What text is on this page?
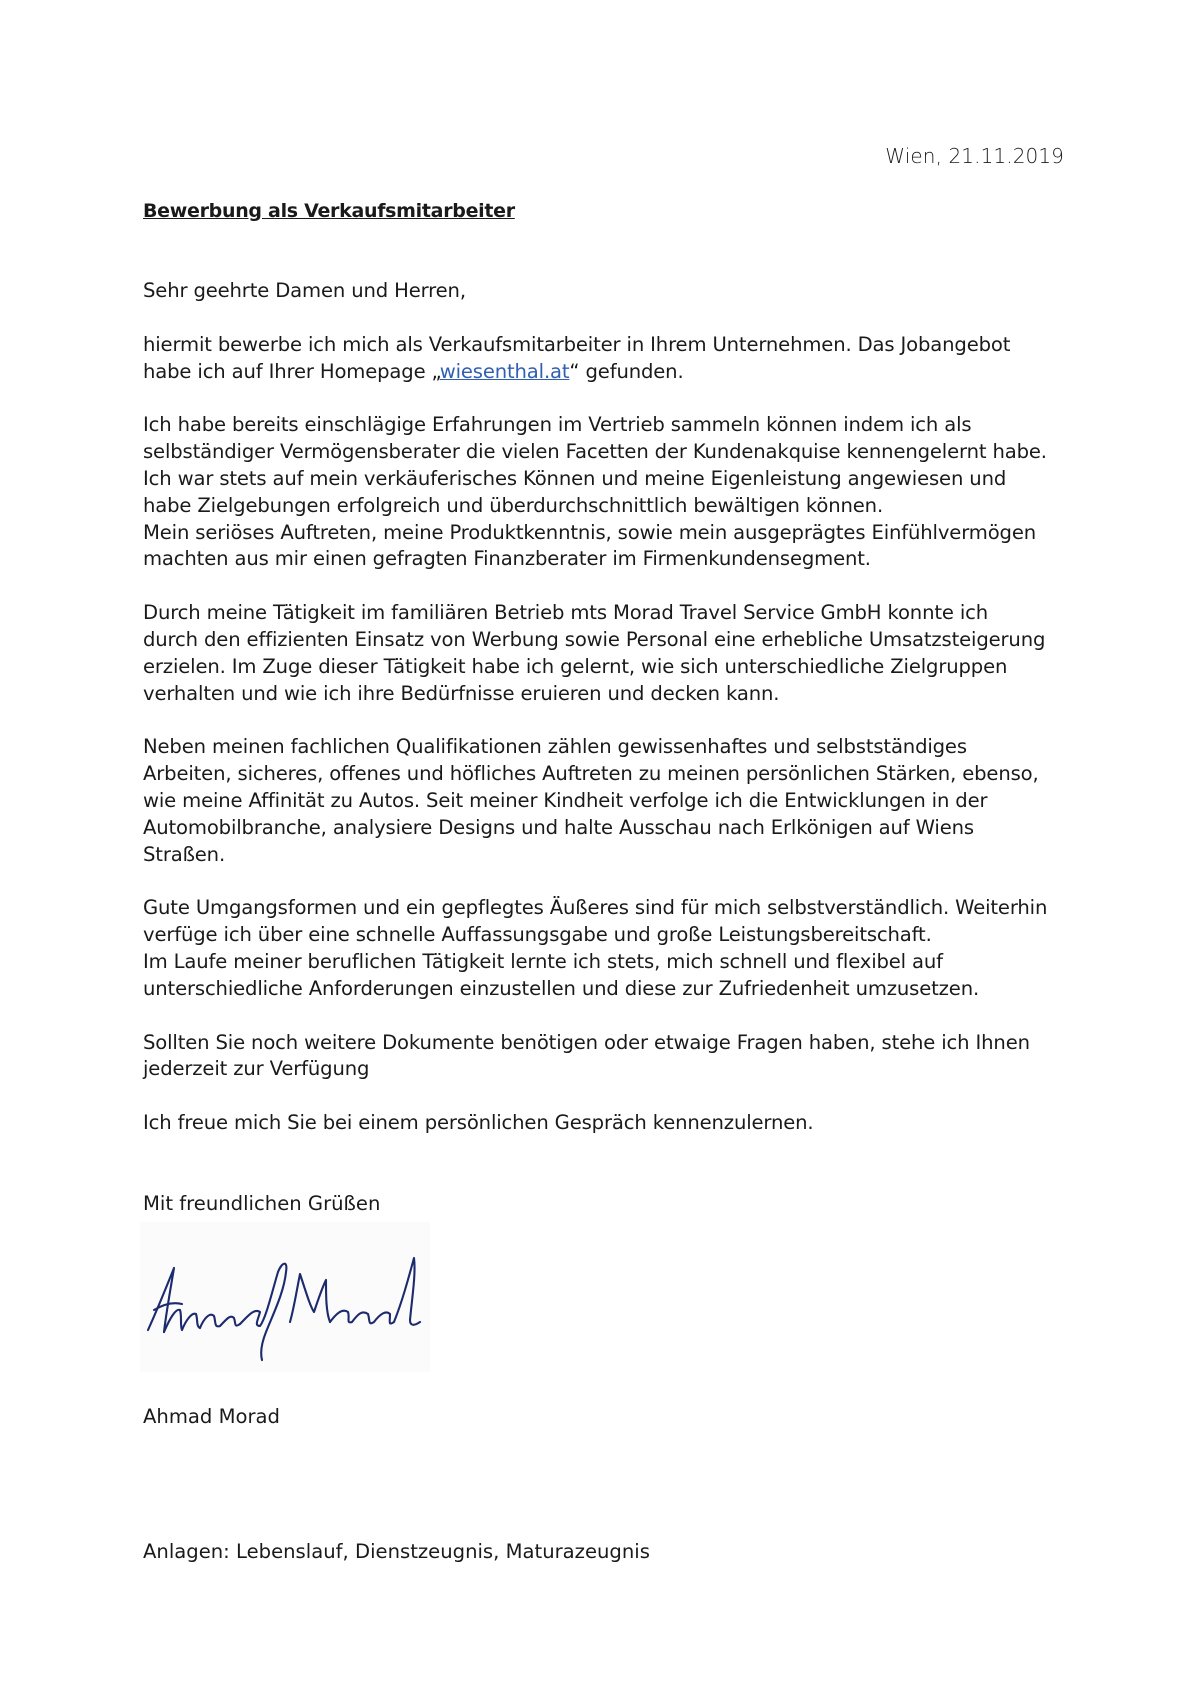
Wien, 21.11.2019
Bewerbung als Verkaufsmitarbeiter

Sehr geehrte Damen und Herren,

hiermit bewerbe ich mich als Verkaufsmitarbeiter in Ihrem Unternehmen. Das Jobangebot
habe ich auf Ihrer Homepage „wiesenthal.at“ gefunden.

Ich habe bereits einschlägige Erfahrungen im Vertrieb sammeln können indem ich als
selbständiger Vermögensberater die vielen Facetten der Kundenakquise kennengelernt habe.
Ich war stets auf mein verkäuferisches Können und meine Eigenleistung angewiesen und
habe Zielgebungen erfolgreich und überdurchschnittlich bewältigen können.
Mein seriöses Auftreten, meine Produktkenntnis, sowie mein ausgeprägtes Einfühlvermögen
machten aus mir einen gefragten Finanzberater im Firmenkundensegment.

Durch meine Tätigkeit im familiären Betrieb mts Morad Travel Service GmbH konnte ich
durch den effizienten Einsatz von Werbung sowie Personal eine erhebliche Umsatzsteigerung
erzielen. Im Zuge dieser Tätigkeit habe ich gelernt, wie sich unterschiedliche Zielgruppen
verhalten und wie ich ihre Bedürfnisse eruieren und decken kann.

Neben meinen fachlichen Qualifikationen zählen gewissenhaftes und selbstständiges
Arbeiten, sicheres, offenes und höfliches Auftreten zu meinen persönlichen Stärken, ebenso,
wie meine Affinität zu Autos. Seit meiner Kindheit verfolge ich die Entwicklungen in der
Automobilbranche, analysiere Designs und halte Ausschau nach Erlkönigen auf Wiens
Straßen.

Gute Umgangsformen und ein gepflegtes Äußeres sind für mich selbstverständlich. Weiterhin
verfüge ich über eine schnelle Auffassungsgabe und große Leistungsbereitschaft.
Im Laufe meiner beruflichen Tätigkeit lernte ich stets, mich schnell und flexibel auf
unterschiedliche Anforderungen einzustellen und diese zur Zufriedenheit umzusetzen.

Sollten Sie noch weitere Dokumente benötigen oder etwaige Fragen haben, stehe ich Ihnen
jederzeit zur Verfügung

Ich freue mich Sie bei einem persönlichen Gespräch kennenzulernen.

Mit freundlichen Grüßen
Ahmad Morad
Anlagen: Lebenslauf, Dienstzeugnis, Maturazeugnis
